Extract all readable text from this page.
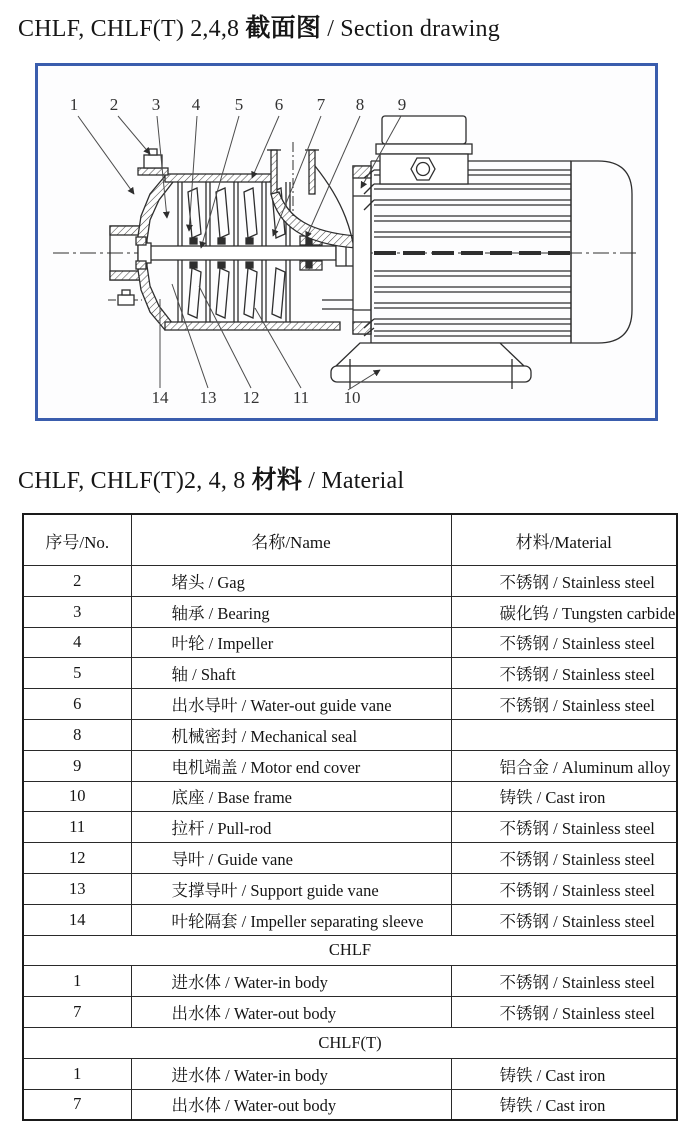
CHLF, CHLF(T) 2,4,8 截面图 / Section drawing
1 2 3 4 5 6 7 8 9
14 13 12 11 10
CHLF, CHLF(T)2, 4, 8 材料 / Material
序号/No.	名称/Name	材料/Material
2	堵头 / Gag	不锈钢 / Stainless steel
3	轴承 / Bearing	碳化钨 / Tungsten carbide
4	叶轮 / Impeller	不锈钢 / Stainless steel
5	轴 / Shaft	不锈钢 / Stainless steel
6	出水导叶 / Water-out guide vane	不锈钢 / Stainless steel
8	机械密封 / Mechanical seal	
9	电机端盖 / Motor end cover	铝合金 / Aluminum alloy
10	底座 / Base frame	铸铁 / Cast iron
11	拉杆 / Pull-rod	不锈钢 / Stainless steel
12	导叶 / Guide vane	不锈钢 / Stainless steel
13	支撑导叶 / Support guide vane	不锈钢 / Stainless steel
14	叶轮隔套 / Impeller separating sleeve	不锈钢 / Stainless steel
CHLF		
1	进水体 / Water-in body	不锈钢 / Stainless steel
7	出水体 / Water-out body	不锈钢 / Stainless steel
CHLF(T)		
1	进水体 / Water-in body	铸铁 / Cast iron
7	出水体 / Water-out body	铸铁 / Cast iron
